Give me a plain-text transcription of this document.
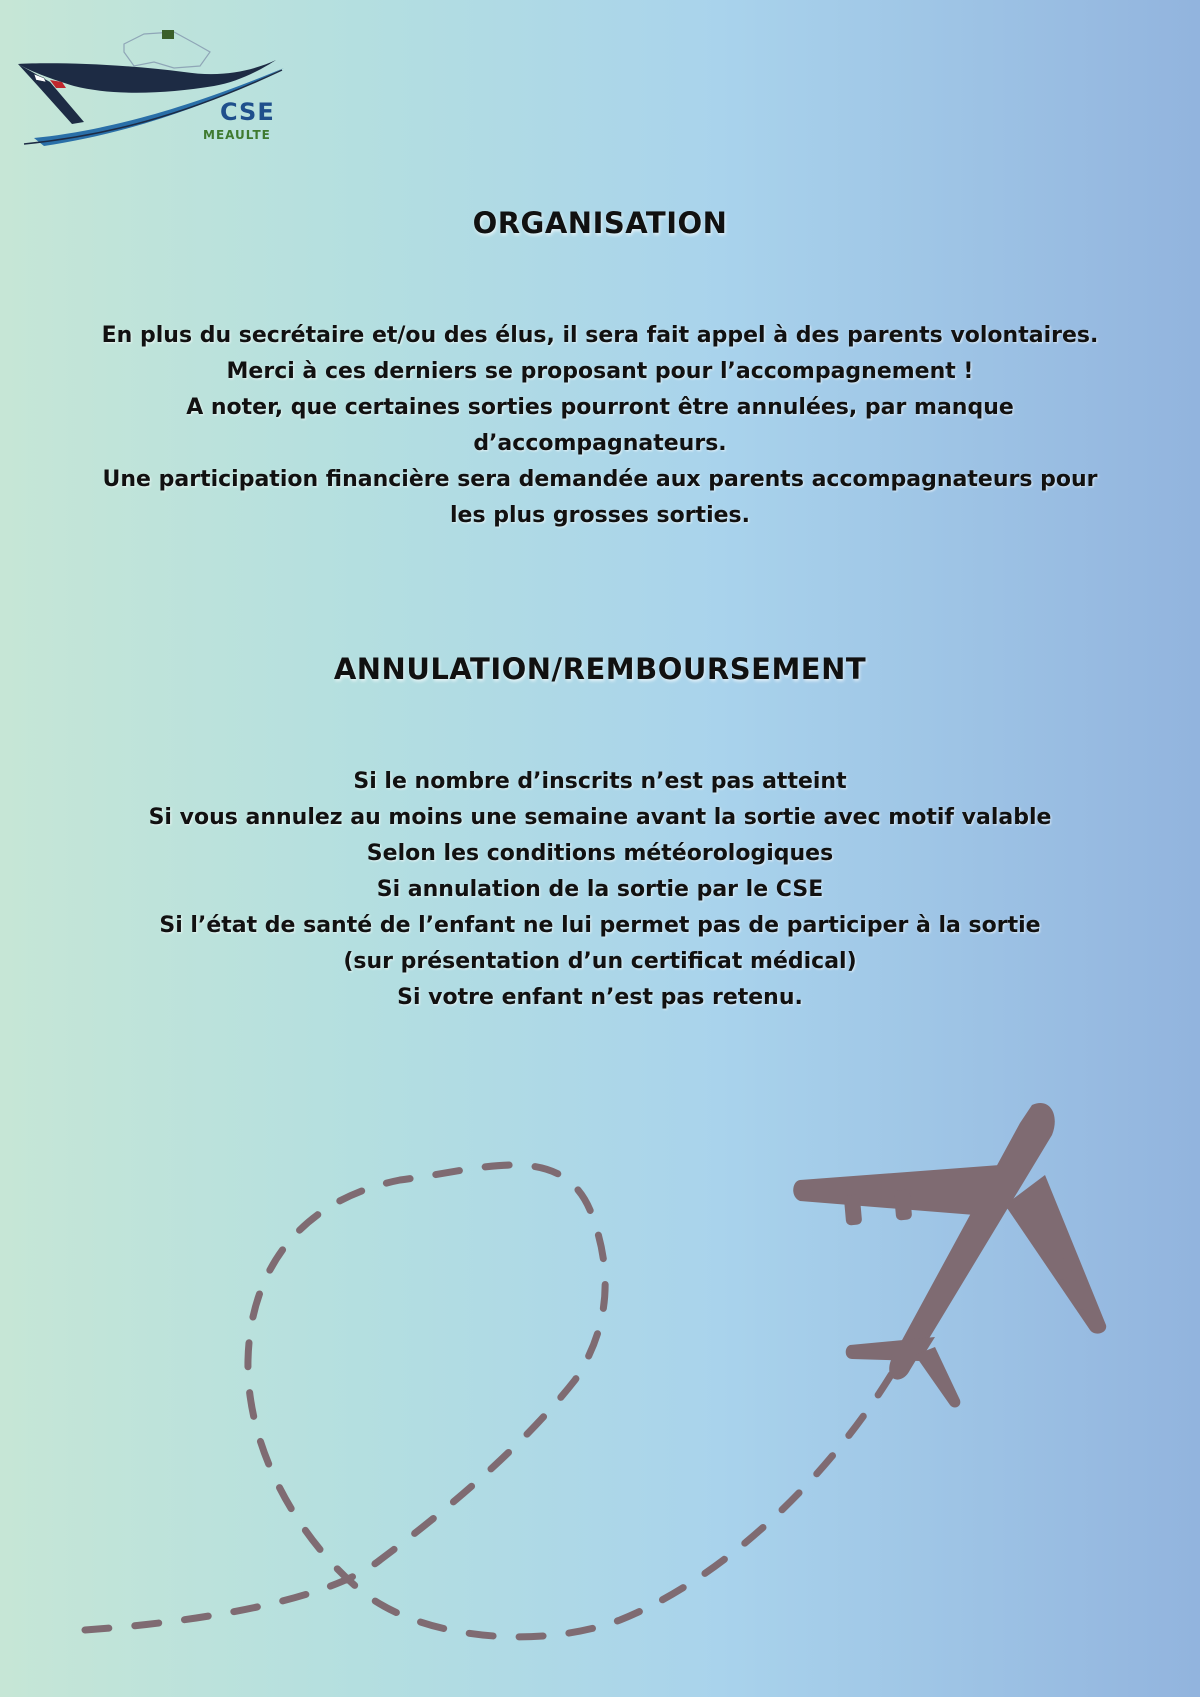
CSE
MEAULTE
ORGANISATION
En plus du secrétaire et/ou des élus, il sera fait appel à des parents volontaires.
Merci à ces derniers se proposant pour l’accompagnement !
A noter, que certaines sorties pourront être annulées, par manque
d’accompagnateurs.
Une participation financière sera demandée aux parents accompagnateurs pour
les plus grosses sorties.
ANNULATION/REMBOURSEMENT
Si le nombre d’inscrits n’est pas atteint
Si vous annulez au moins une semaine avant la sortie avec motif valable
Selon les conditions météorologiques
Si annulation de la sortie par le CSE
Si l’état de santé de l’enfant ne lui permet pas de participer à la sortie
(sur présentation d’un certificat médical)
Si votre enfant n’est pas retenu.
